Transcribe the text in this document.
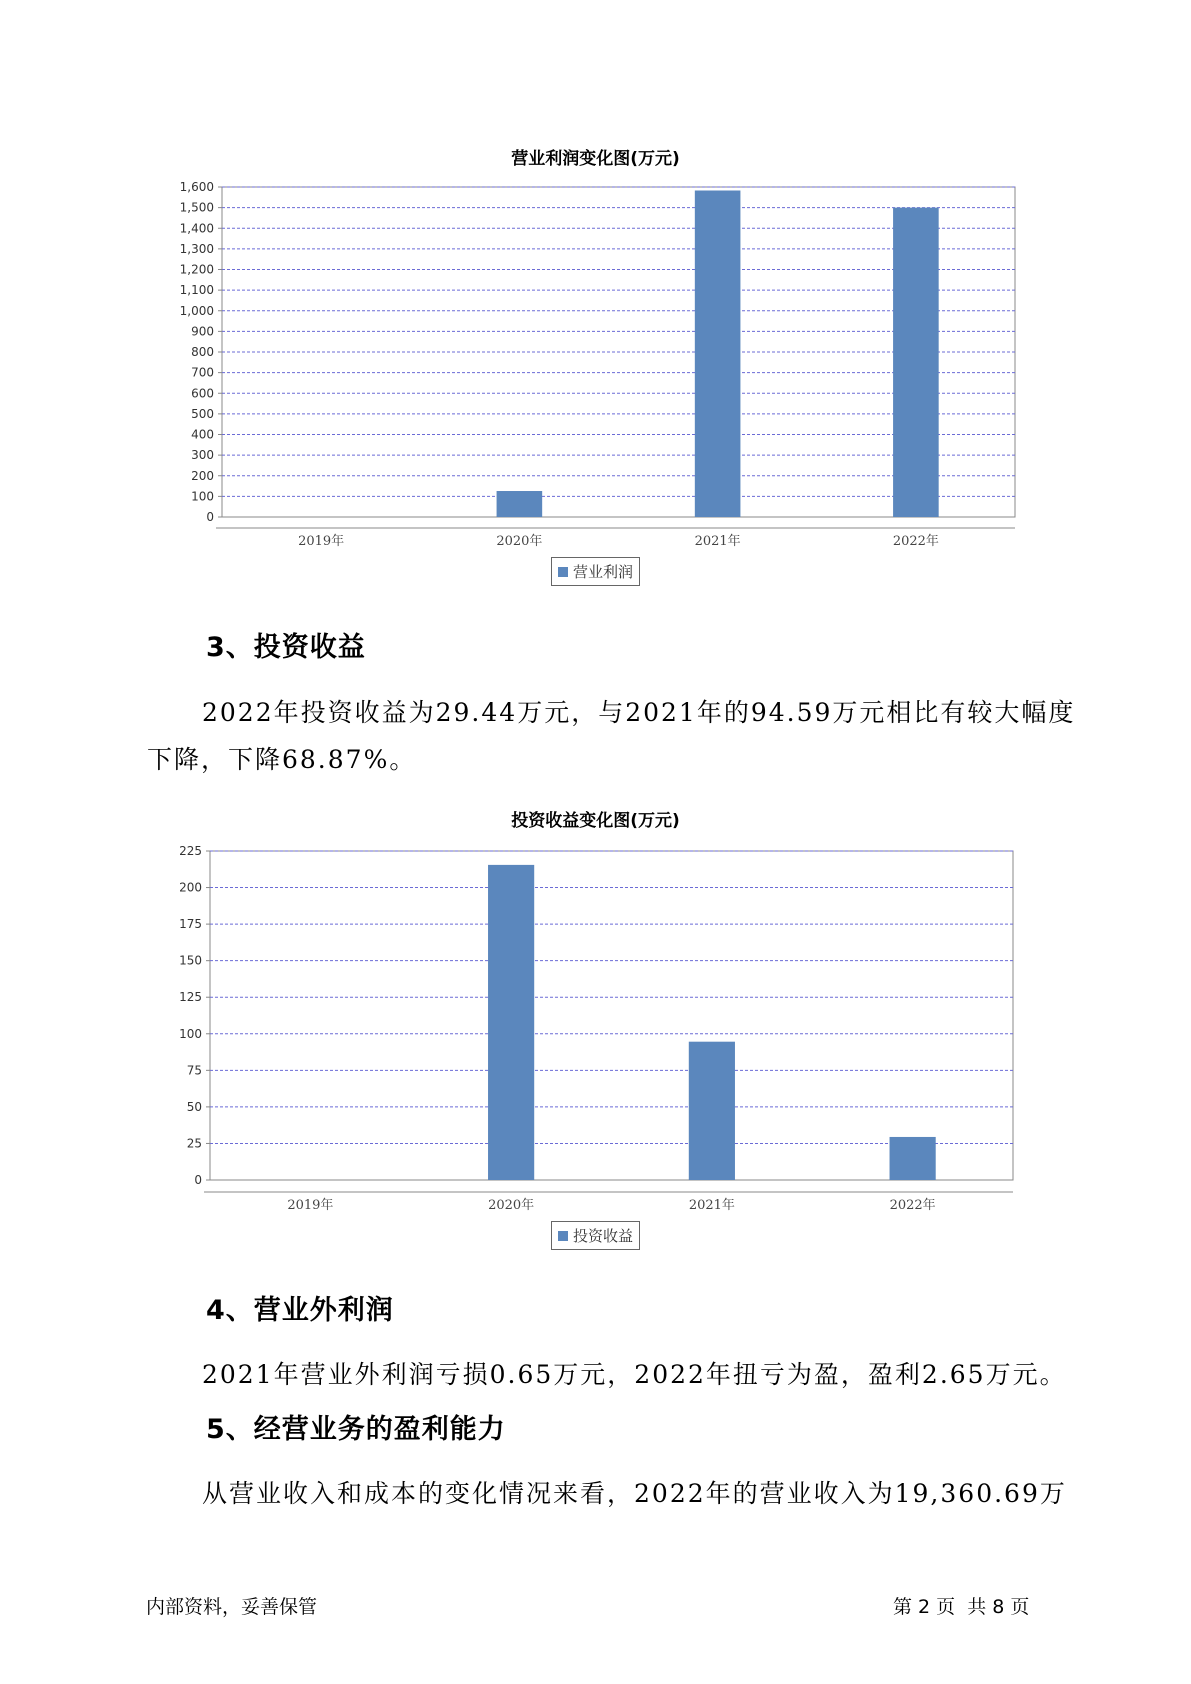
营业利润变化图(万元)
0
100
200
300
400
500
600
700
800
900
1,000
1,100
1,200
1,300
1,400
1,500
1,600
2019年	2020年	2021年	2022年
营业利润
3、投资收益
2022年投资收益为29.44万元，与2021年的94.59万元相比有较大幅度
下降，下降68.87%。
投资收益变化图(万元)
0
25
50
75
100
125
150
175
200
225
2019年	2020年	2021年	2022年
投资收益
4、营业外利润
2021年营业外利润亏损0.65万元，2022年扭亏为盈，盈利2.65万元。
5、经营业务的盈利能力
从营业收入和成本的变化情况来看，2022年的营业收入为19,360.69万
内部资料，妥善保管	第 2 页  共 8 页
